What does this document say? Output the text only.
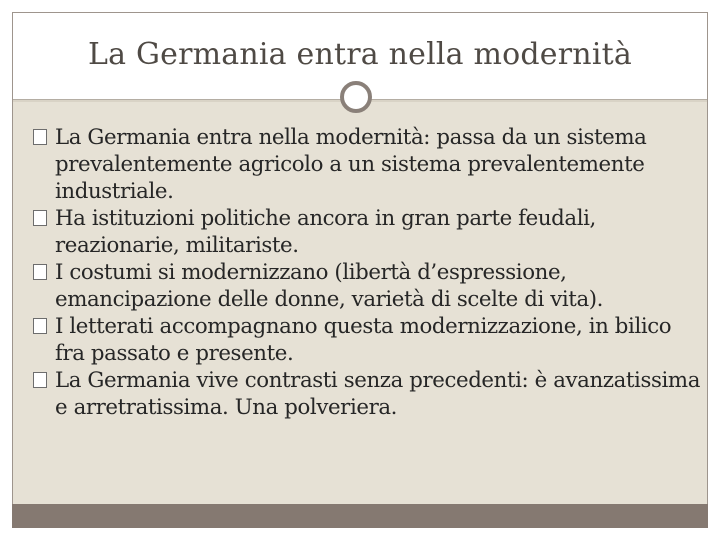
La Germania entra nella modernità
La Germania entra nella modernità: passa da un sistema prevalentemente agricolo a un sistema prevalentemente industriale.
Ha istituzioni politiche ancora in gran parte feudali, reazionarie, militariste.
I costumi si modernizzano (libertà d’espressione, emancipazione delle donne, varietà di scelte di vita).
I letterati accompagnano questa modernizzazione, in bilico fra passato e presente.
La Germania vive contrasti senza precedenti: è avanzatissima e arretratissima. Una polveriera.
